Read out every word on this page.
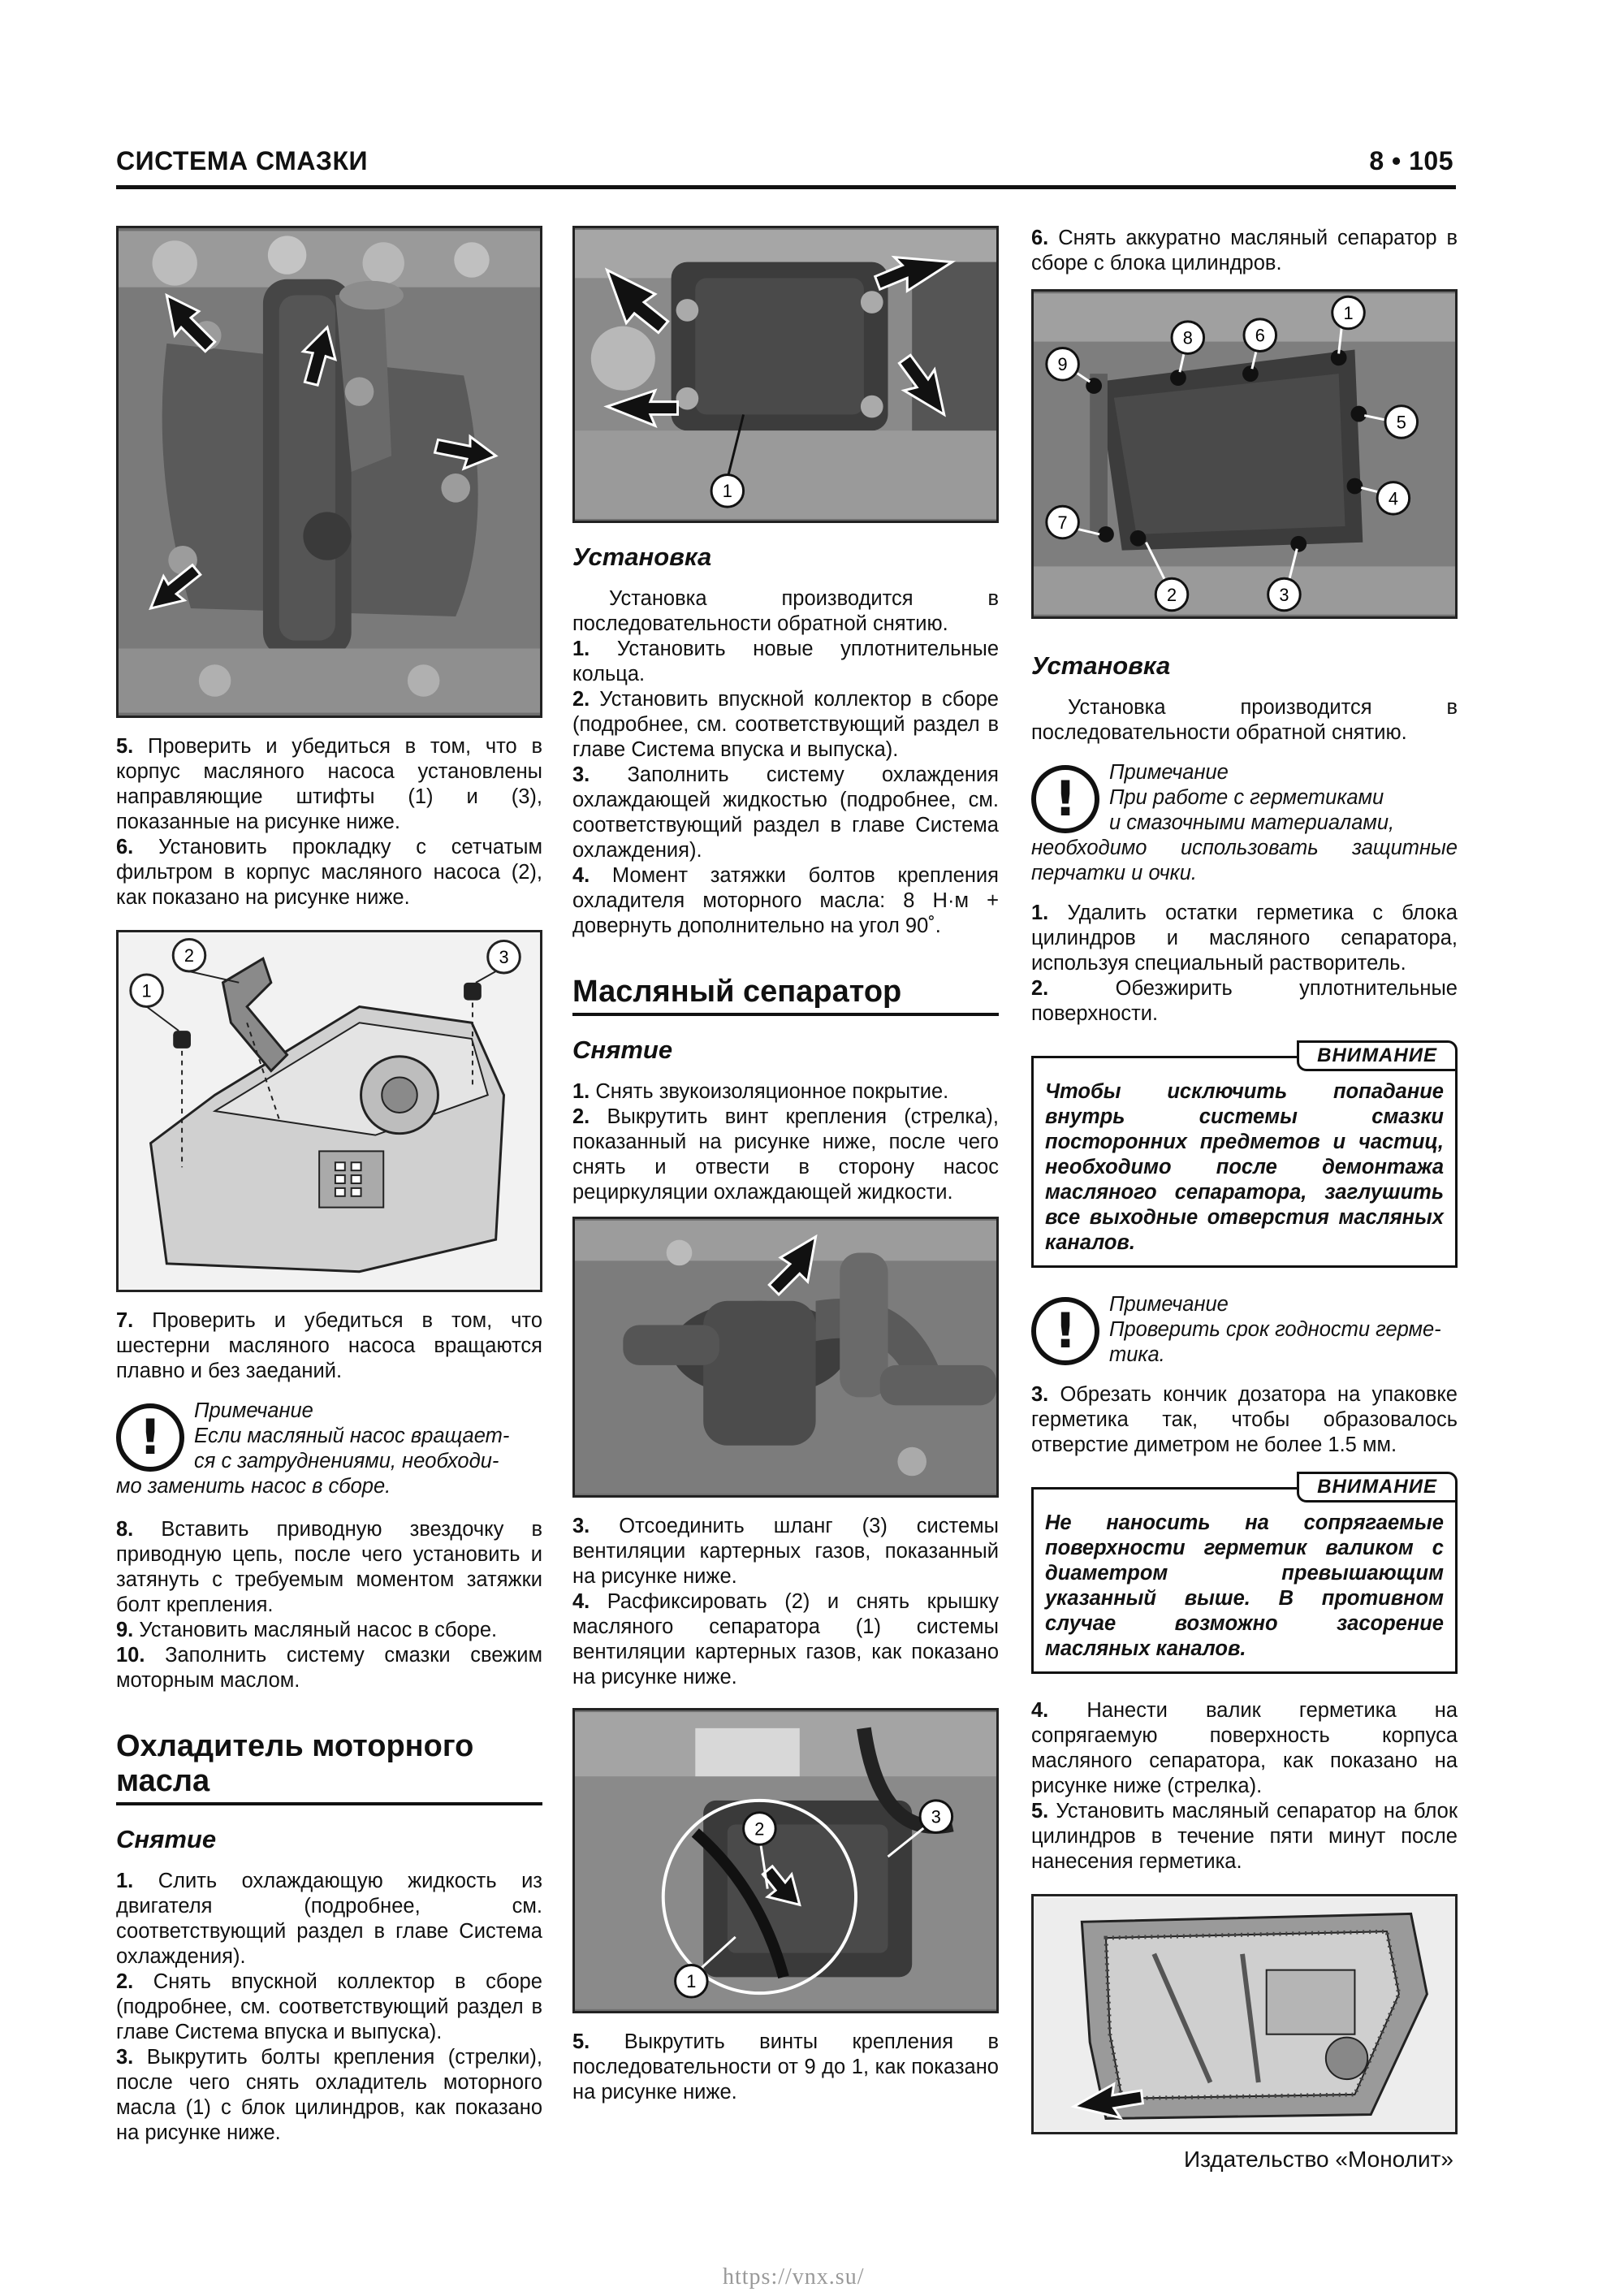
СИСТЕМА СМАЗКИ	8 • 105
5. Проверить и убедиться в том, что в корпус масляного насоса установлены направляющие штифты (1) и (3), показанные на рисунке ниже.
6. Установить прокладку с сетчатым фильтром в корпус масляного насоса (2), как показано на рисунке ниже.
1
2	3
7. Проверить и убедиться в том, что шестерни масляного насоса вращаются плавно и без заеданий.
!	Примечание
Если масляный насос вращает-
ся с затруднениями, необходи-
мо заменить насос в сборе.
8. Вставить приводную звездочку в приводную цепь, после чего установить и затянуть с требуемым моментом затяжки болт крепления.
9. Установить масляный насос в сборе.
10. Заполнить систему смазки свежим моторным маслом.
Охладитель моторного масла
Снятие
1. Слить охлаждающую жидкость из двигателя (подробнее, см. соответствующий раздел в главе Система охлаждения).
2. Снять впускной коллектор в сборе (подробнее, см. соответствующий раздел в главе Система впуска и выпуска).
3. Выкрутить болты крепления (стрелки), после чего снять охладитель моторного масла (1) с блок цилиндров, как показано на рисунке ниже.
1
Установка
Установка производится в последовательности обратной снятию.
1. Установить новые уплотнительные кольца.
2. Установить впускной коллектор в сборе (подробнее, см. соответствующий раздел в главе Система впуска и выпуска).
3. Заполнить систему охлаждения охлаждающей жидкостью (подробнее, см. соответствующий раздел в главе Система охлаждения).
4. Момент затяжки болтов крепления охладителя моторного масла: 8 Н·м + довернуть дополнительно на угол 90˚.
Масляный сепаратор
Снятие
1. Снять звукоизоляционное покрытие.
2. Выкрутить винт крепления (стрелка), показанный на рисунке ниже, после чего снять и отвести в сторону насос рециркуляции охлаждающей жидкости.
3. Отсоединить шланг (3) системы вентиляции картерных газов, показанный на рисунке ниже.
4. Расфиксировать (2) и снять крышку масляного сепаратора (1) системы вентиляции картерных газов, как показано на рисунке ниже.
1
2
3
5. Выкрутить винты крепления в последовательности от 9 до 1, как показано на рисунке ниже.
6. Снять аккуратно масляный сепаратор в сборе с блока цилиндров.
1
2	3
4
5
6
7
8
9
Установка
Установка производится в последовательности обратной снятию.
!	Примечание
При работе с герметиками
и смазочными материалами,
необходимо использовать защитные перчатки и очки.
1. Удалить остатки герметика с блока цилиндров и масляного сепаратора, используя специальный растворитель.
2. Обезжирить уплотнительные поверхности.
ВНИМАНИЕ
Чтобы исключить попадание внутрь системы смазки посторонних предметов и частиц, необходимо после демонтажа масляного сепаратора, заглушить все выходные отверстия масляных каналов.
!	Примечание
Проверить срок годности герме-
тика.
3. Обрезать кончик дозатора на упаковке герметика так, чтобы образовалось отверстие диметром не более 1.5 мм.
ВНИМАНИЕ
Не наносить на сопрягаемые поверхности герметик валиком с диаметром превышающим указанный выше. В противном случае возможно засорение масляных каналов.
4. Нанести валик герметика на сопрягаемую поверхность корпуса масляного сепаратора, как показано на рисунке ниже (стрелка).
5. Установить масляный сепаратор на блок цилиндров в течение пяти минут после нанесения герметика.
Издательство «Монолит»
https://vnx.su/
